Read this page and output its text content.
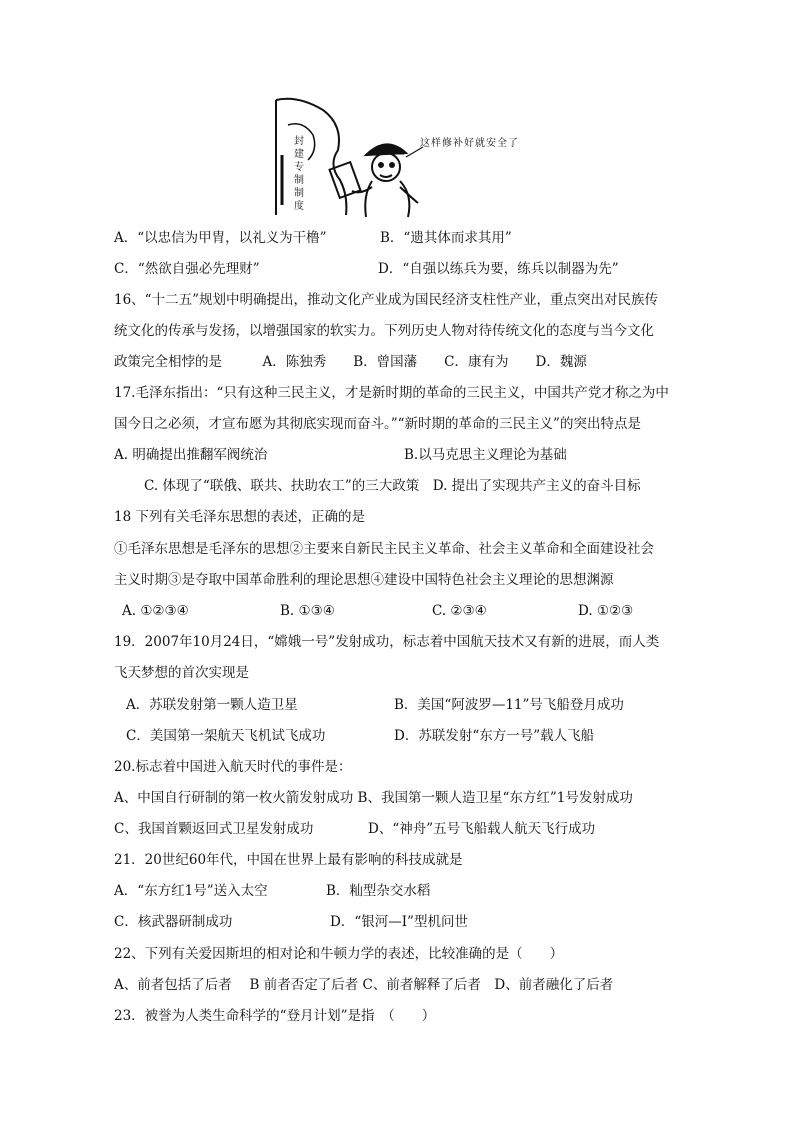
这样修补好就安全了
封建专制制度
A．“以忠信为甲胄，以礼义为干橹”	B．“遗其体而求其用”
C．“然欲自强必先理财”	D．“自强以练兵为要，练兵以制器为先”
16、“十二五”规划中明确提出，推动文化产业成为国民经济支柱性产业，重点突出对民族传
统文化的传承与发扬，以增强国家的软实力。下列历史人物对待传统文化的态度与当今文化
政策完全相悖的是　　　A．陈独秀　　B．曾国藩　　C．康有为　　D．魏源
17.毛泽东指出：“只有这种三民主义，才是新时期的革命的三民主义，中国共产党才称之为中
国今日之必须，才宣布愿为其彻底实现而奋斗。”“新时期的革命的三民主义”的突出特点是
A. 明确提出推翻军阀统治	B.以马克思主义理论为基础
C. 体现了“联俄、联共、扶助农工”的三大政策　D. 提出了实现共产主义的奋斗目标
18 下列有关毛泽东思想的表述，正确的是
①毛泽东思想是毛泽东的思想②主要来自新民主民主义革命、社会主义革命和全面建设社会
主义时期③是夺取中国革命胜利的理论思想④建设中国特色社会主义理论的思想渊源
A. ①②③④	B. ①③④	C. ②③④	D. ①②③
19．2007年10月24日，“嫦娥一号”发射成功，标志着中国航天技术又有新的进展，而人类
飞天梦想的首次实现是
A．苏联发射第一颗人造卫星	B．美国“阿波罗—11”号飞船登月成功
C．美国第一架航天飞机试飞成功	D．苏联发射“东方一号”载人飞船
20.标志着中国进入航天时代的事件是：
A、中国自行研制的第一枚火箭发射成功 B、我国第一颗人造卫星“东方红”1号发射成功
C、我国首颗返回式卫星发射成功	D、“神舟”五号飞船载人航天飞行成功
21．20世纪60年代，中国在世界上最有影响的科技成就是
A．“东方红1号”送入太空	B．籼型杂交水稻
C．核武器研制成功	D．“银河—I”型机问世
22、下列有关爱因斯坦的相对论和牛顿力学的表述，比较准确的是（　　）
A、前者包括了后者　 B 前者否定了后者 C、前者解释了后者　D、前者融化了后者
23．被誉为人类生命科学的“登月计划”是指　（　　）
